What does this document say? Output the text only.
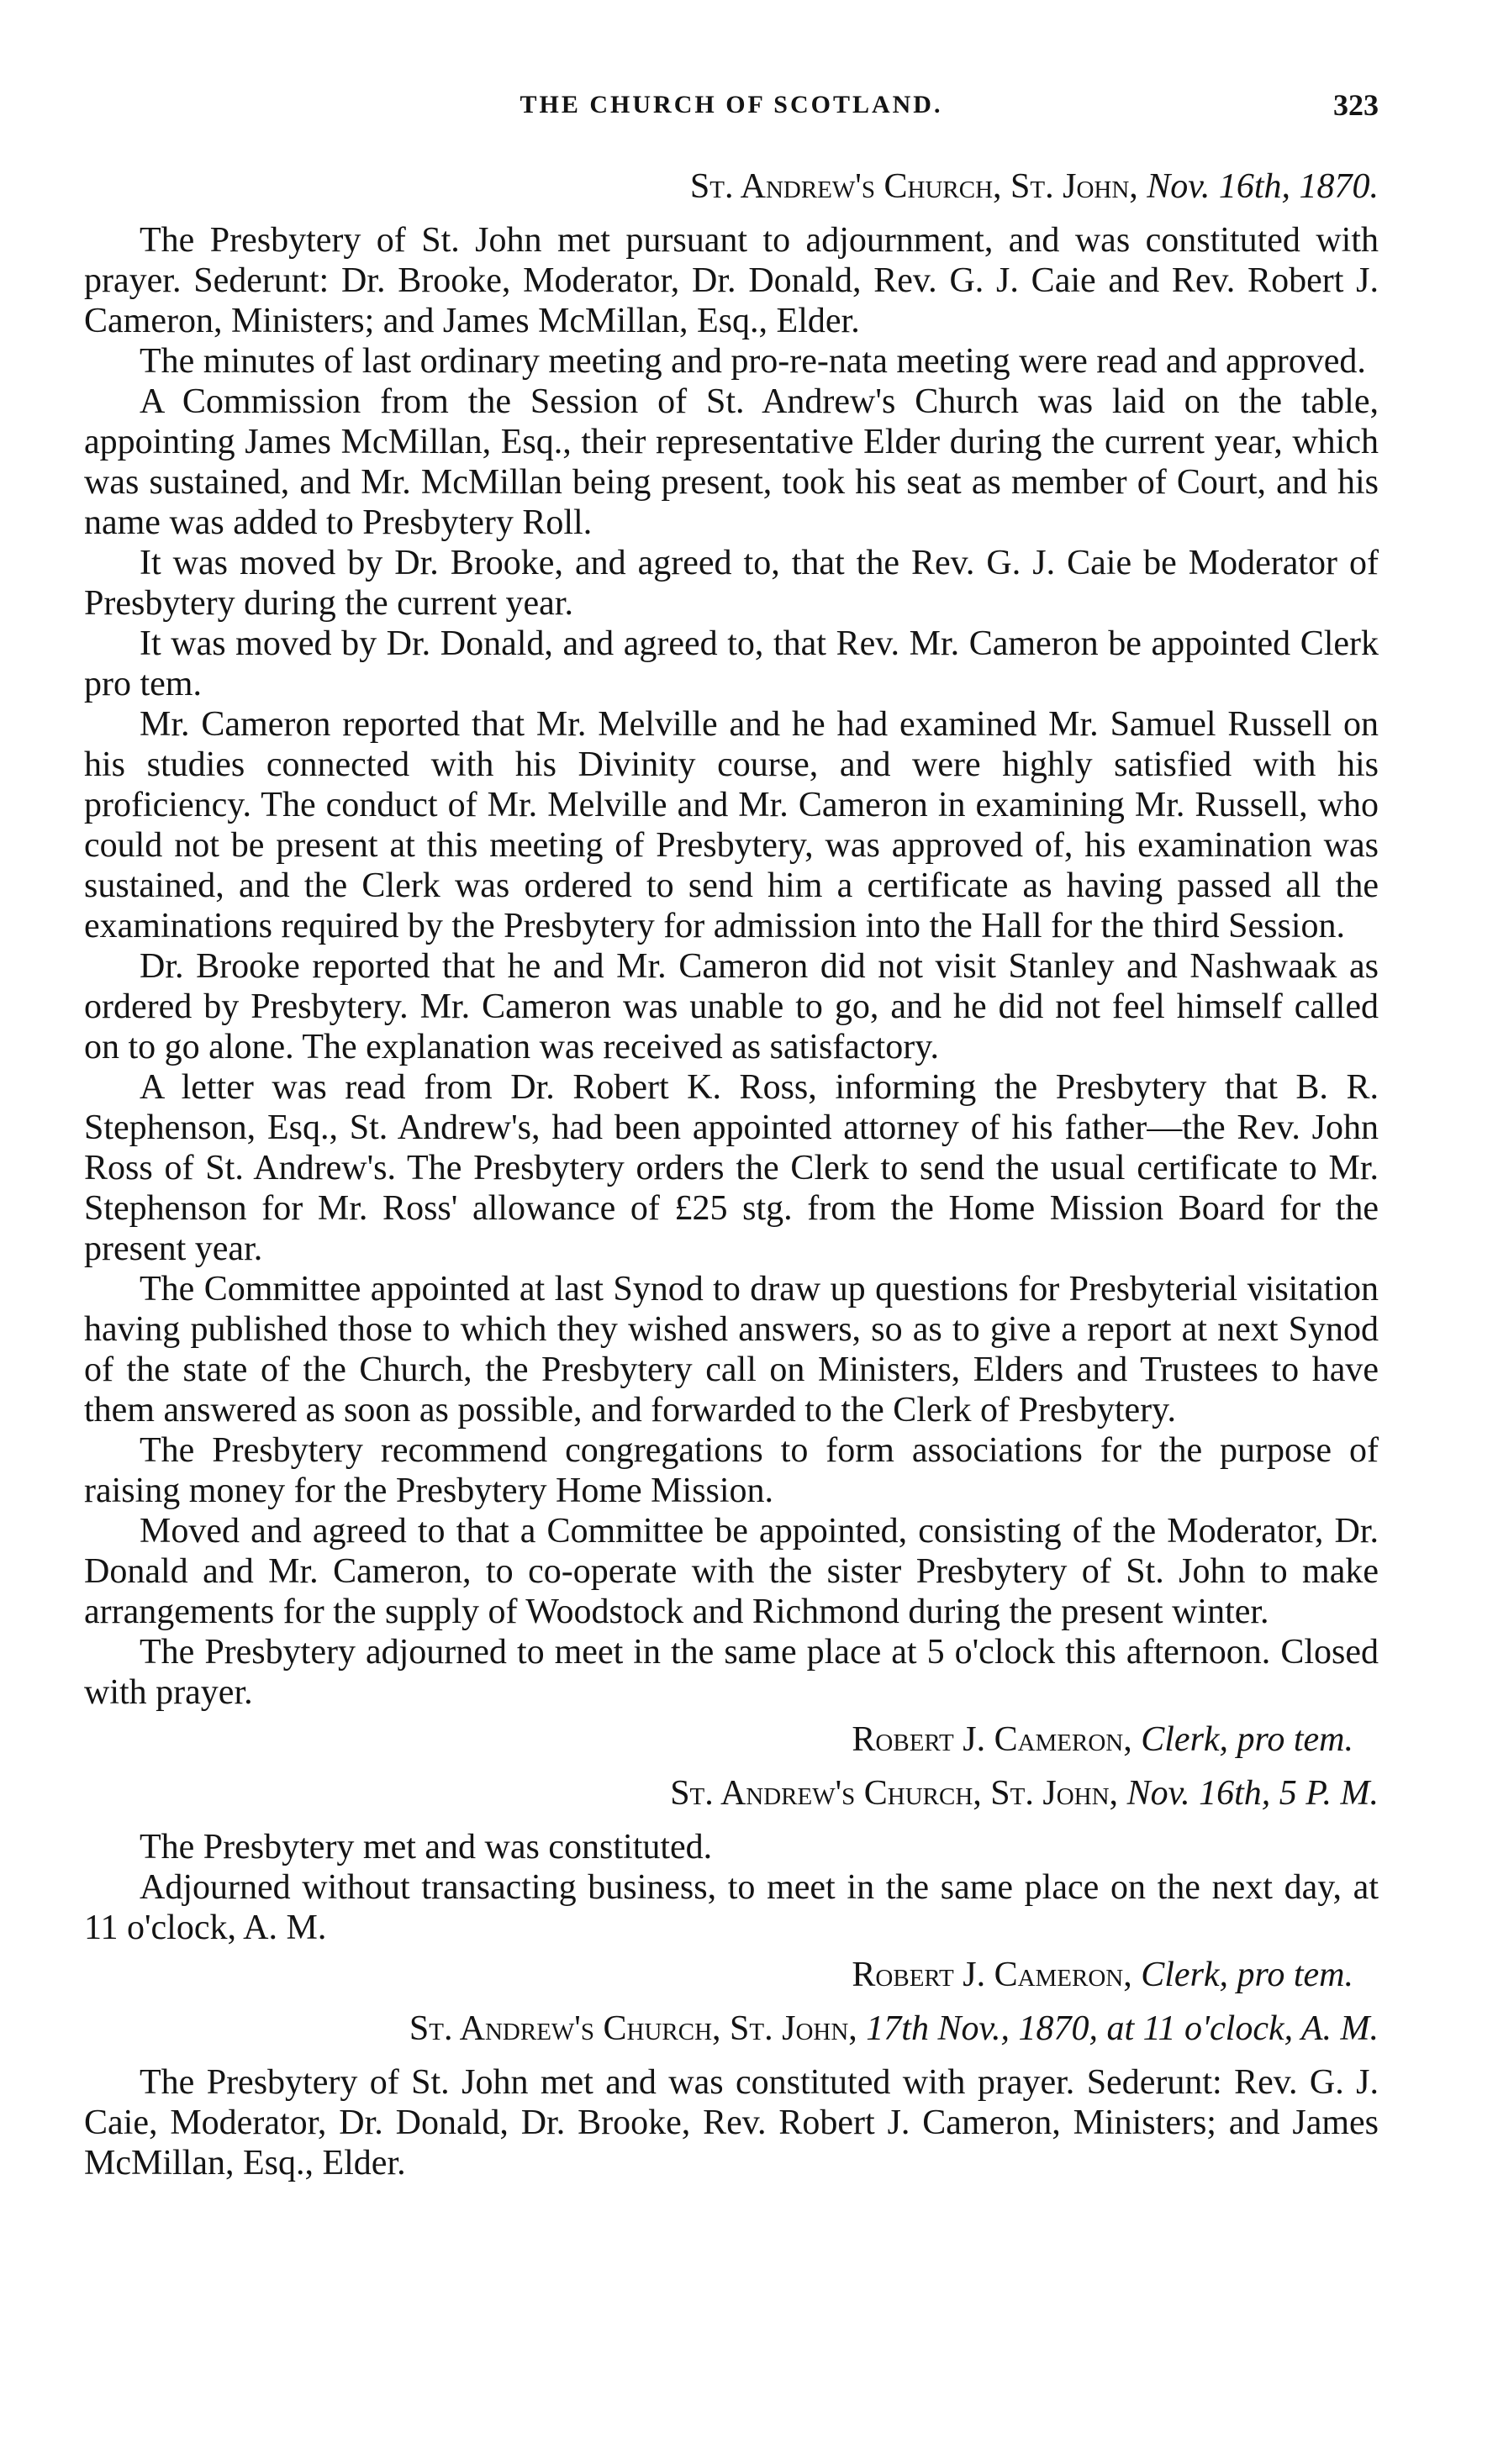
THE CHURCH OF SCOTLAND.	323
St. Andrew's Church, St. John, Nov. 16th, 1870.

The Presbytery of St. John met pursuant to adjournment, and was constituted with prayer. Sederunt: Dr. Brooke, Moderator, Dr. Donald, Rev. G. J. Caie and Rev. Robert J. Cameron, Ministers; and James McMillan, Esq., Elder.

The minutes of last ordinary meeting and pro-re-nata meeting were read and approved.

A Commission from the Session of St. Andrew's Church was laid on the table, appointing James McMillan, Esq., their representative Elder during the current year, which was sustained, and Mr. McMillan being present, took his seat as member of Court, and his name was added to Presbytery Roll.

It was moved by Dr. Brooke, and agreed to, that the Rev. G. J. Caie be Moderator of Presbytery during the current year.

It was moved by Dr. Donald, and agreed to, that Rev. Mr. Cameron be appointed Clerk pro tem.

Mr. Cameron reported that Mr. Melville and he had examined Mr. Samuel Russell on his studies connected with his Divinity course, and were highly satisfied with his proficiency. The conduct of Mr. Melville and Mr. Cameron in examining Mr. Russell, who could not be present at this meeting of Presbytery, was approved of, his examination was sustained, and the Clerk was ordered to send him a certificate as having passed all the examinations required by the Presbytery for admission into the Hall for the third Session.

Dr. Brooke reported that he and Mr. Cameron did not visit Stanley and Nashwaak as ordered by Presbytery. Mr. Cameron was unable to go, and he did not feel himself called on to go alone. The explanation was received as satisfactory.

A letter was read from Dr. Robert K. Ross, informing the Presbytery that B. R. Stephenson, Esq., St. Andrew's, had been appointed attorney of his father—the Rev. John Ross of St. Andrew's. The Presbytery orders the Clerk to send the usual certificate to Mr. Stephenson for Mr. Ross' allowance of £25 stg. from the Home Mission Board for the present year.

The Committee appointed at last Synod to draw up questions for Presbyterial visitation having published those to which they wished answers, so as to give a report at next Synod of the state of the Church, the Presbytery call on Ministers, Elders and Trustees to have them answered as soon as possible, and forwarded to the Clerk of Presbytery.

The Presbytery recommend congregations to form associations for the purpose of raising money for the Presbytery Home Mission.

Moved and agreed to that a Committee be appointed, consisting of the Moderator, Dr. Donald and Mr. Cameron, to co-operate with the sister Presbytery of St. John to make arrangements for the supply of Woodstock and Richmond during the present winter.

The Presbytery adjourned to meet in the same place at 5 o'clock this afternoon. Closed with prayer.

Robert J. Cameron, Clerk, pro tem.
St. Andrew's Church, St. John, Nov. 16th, 5 P. M.

The Presbytery met and was constituted.

Adjourned without transacting business, to meet in the same place on the next day, at 11 o'clock, A. M.

Robert J. Cameron, Clerk, pro tem.
St. Andrew's Church, St. John, 17th Nov., 1870, at 11 o'clock, A. M.

The Presbytery of St. John met and was constituted with prayer. Sederunt: Rev. G. J. Caie, Moderator, Dr. Donald, Dr. Brooke, Rev. Robert J. Cameron, Ministers; and James McMillan, Esq., Elder.
